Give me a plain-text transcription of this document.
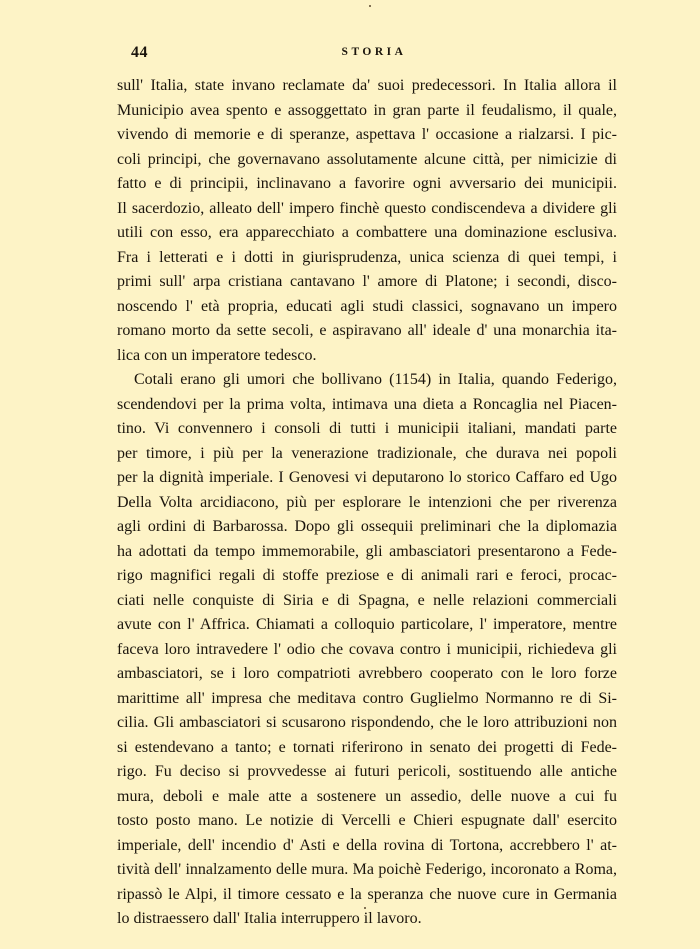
44	STORIA
sull' Italia, state invano reclamate da' suoi predecessori. In Italia allora il
Municipio avea spento e assoggettato in gran parte il feudalismo, il quale,
vivendo di memorie e di speranze, aspettava l' occasione a rialzarsi. I pic-
coli principi, che governavano assolutamente alcune città, per nimicizie di
fatto e di principii, inclinavano a favorire ogni avversario dei municipii.
Il sacerdozio, alleato dell' impero finchè questo condiscendeva a dividere gli
utili con esso, era apparecchiato a combattere una dominazione esclusiva.
Fra i letterati e i dotti in giurisprudenza, unica scienza di quei tempi, i
primi sull' arpa cristiana cantavano l' amore di Platone; i secondi, disco-
noscendo l' età propria, educati agli studi classici, sognavano un impero
romano morto da sette secoli, e aspiravano all' ideale d' una monarchia ita-
lica con un imperatore tedesco.
Cotali erano gli umori che bollivano (1154) in Italia, quando Federigo,
scendendovi per la prima volta, intimava una dieta a Roncaglia nel Piacen-
tino. Vi convennero i consoli di tutti i municipii italiani, mandati parte
per timore, i più per la venerazione tradizionale, che durava nei popoli
per la dignità imperiale. I Genovesi vi deputarono lo storico Caffaro ed Ugo
Della Volta arcidiacono, più per esplorare le intenzioni che per riverenza
agli ordini di Barbarossa. Dopo gli ossequii preliminari che la diplomazia
ha adottati da tempo immemorabile, gli ambasciatori presentarono a Fede-
rigo magnifici regali di stoffe preziose e di animali rari e feroci, procac-
ciati nelle conquiste di Siria e di Spagna, e nelle relazioni commerciali
avute con l' Affrica. Chiamati a colloquio particolare, l' imperatore, mentre
faceva loro intravedere l' odio che covava contro i municipii, richiedeva gli
ambasciatori, se i loro compatrioti avrebbero cooperato con le loro forze
marittime all' impresa che meditava contro Guglielmo Normanno re di Si-
cilia. Gli ambasciatori si scusarono rispondendo, che le loro attribuzioni non
si estendevano a tanto; e tornati riferirono in senato dei progetti di Fede-
rigo. Fu deciso si provvedesse ai futuri pericoli, sostituendo alle antiche
mura, deboli e male atte a sostenere un assedio, delle nuove a cui fu
tosto posto mano. Le notizie di Vercelli e Chieri espugnate dall' esercito
imperiale, dell' incendio d' Asti e della rovina di Tortona, accrebbero l' at-
tività dell' innalzamento delle mura. Ma poichè Federigo, incoronato a Roma,
ripassò le Alpi, il timore cessato e la speranza che nuove cure in Germania
lo distraessero dall' Italia interruppero il lavoro.
